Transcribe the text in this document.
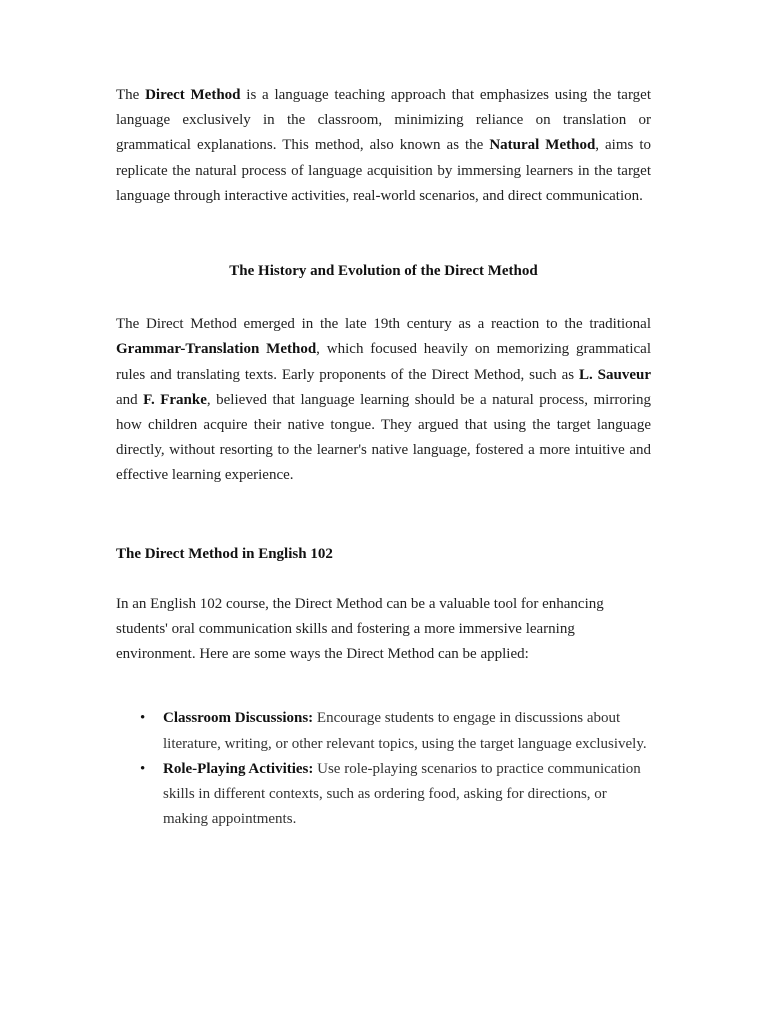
The Direct Method is a language teaching approach that emphasizes using the target language exclusively in the classroom, minimizing reliance on translation or grammatical explanations. This method, also known as the Natural Method, aims to replicate the natural process of language acquisition by immersing learners in the target language through interactive activities, real-world scenarios, and direct communication.

The History and Evolution of the Direct Method

The Direct Method emerged in the late 19th century as a reaction to the traditional Grammar-Translation Method, which focused heavily on memorizing grammatical rules and translating texts. Early proponents of the Direct Method, such as L. Sauveur and F. Franke, believed that language learning should be a natural process, mirroring how children acquire their native tongue. They argued that using the target language directly, without resorting to the learner's native language, fostered a more intuitive and effective learning experience.

The Direct Method in English 102

In an English 102 course, the Direct Method can be a valuable tool for enhancing students' oral communication skills and fostering a more immersive learning environment. Here are some ways the Direct Method can be applied:

• Classroom Discussions: Encourage students to engage in discussions about literature, writing, or other relevant topics, using the target language exclusively.
• Role-Playing Activities: Use role-playing scenarios to practice communication skills in different contexts, such as ordering food, asking for directions, or making appointments.
